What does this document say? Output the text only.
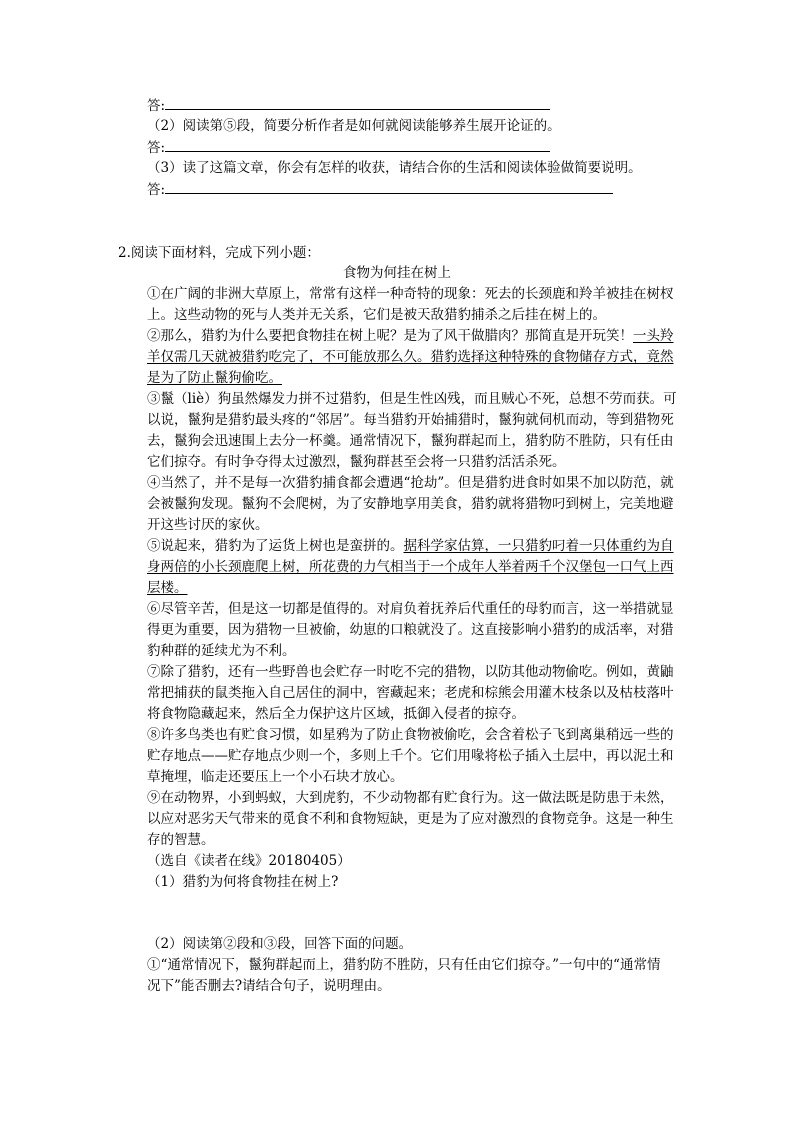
答:
（2）阅读第⑤段，简要分析作者是如何就阅读能够养生展开论证的。
答:
（3）读了这篇文章，你会有怎样的收获，请结合你的生活和阅读体验做简要说明。
答:
2.阅读下面材料，完成下列小题：
食物为何挂在树上
①在广阔的非洲大草原上，常常有这样一种奇特的现象：死去的长颈鹿和羚羊被挂在树杈
上。这些动物的死与人类并无关系，它们是被天敌猎豹捕杀之后挂在树上的。
②那么，猎豹为什么要把食物挂在树上呢？是为了风干做腊肉？那简直是开玩笑！一头羚
羊仅需几天就被猎豹吃完了，不可能放那么久。猎豹选择这种特殊的食物储存方式，竟然
是为了防止鬣狗偷吃。
③鬣（liè）狗虽然爆发力拼不过猎豹，但是生性凶残，而且贼心不死，总想不劳而获。可
以说，鬣狗是猎豹最头疼的“邻居”。每当猎豹开始捕猎时，鬣狗就伺机而动，等到猎物死
去，鬣狗会迅速围上去分一杯羹。通常情况下，鬣狗群起而上，猎豹防不胜防，只有任由
它们掠夺。有时争夺得太过激烈，鬣狗群甚至会将一只猎豹活活杀死。
④当然了，并不是每一次猎豹捕食都会遭遇“抢劫”。但是猎豹进食时如果不加以防范，就
会被鬣狗发现。鬣狗不会爬树，为了安静地享用美食，猎豹就将猎物叼到树上，完美地避
开这些讨厌的家伙。
⑤说起来，猎豹为了运货上树也是蛮拼的。据科学家估算，一只猎豹叼着一只体重约为自
身两倍的小长颈鹿爬上树，所花费的力气相当于一个成年人举着两千个汉堡包一口气上西
层楼。
⑥尽管辛苦，但是这一切都是值得的。对肩负着抚养后代重任的母豹而言，这一举措就显
得更为重要，因为猎物一旦被偷，幼崽的口粮就没了。这直接影响小猎豹的成活率，对猎
豹种群的延续尤为不利。
⑦除了猎豹，还有一些野兽也会贮存一时吃不完的猎物，以防其他动物偷吃。例如，黄鼬
常把捕获的鼠类拖入自己居住的洞中，窖藏起来；老虎和棕熊会用灌木枝条以及枯枝落叶
将食物隐藏起来，然后全力保护这片区域，抵御入侵者的掠夺。
⑧许多鸟类也有贮食习惯，如星鸦为了防止食物被偷吃，会含着松子飞到离巢稍远一些的
贮存地点——贮存地点少则一个，多则上千个。它们用喙将松子插入土层中，再以泥土和
草掩埋，临走还要压上一个小石块才放心。
⑨在动物界，小到蚂蚁，大到虎豹，不少动物都有贮食行为。这一做法既是防患于未然，
以应对恶劣天气带来的觅食不利和食物短缺，更是为了应对激烈的食物竞争。这是一种生
存的智慧。
（选自《读者在线》20180405）
（1）猎豹为何将食物挂在树上?
（2）阅读第②段和③段，回答下面的问题。
①“通常情况下，鬣狗群起而上，猎豹防不胜防，只有任由它们掠夺。”一句中的“通常情
况下”能否删去?请结合句子，说明理由。
